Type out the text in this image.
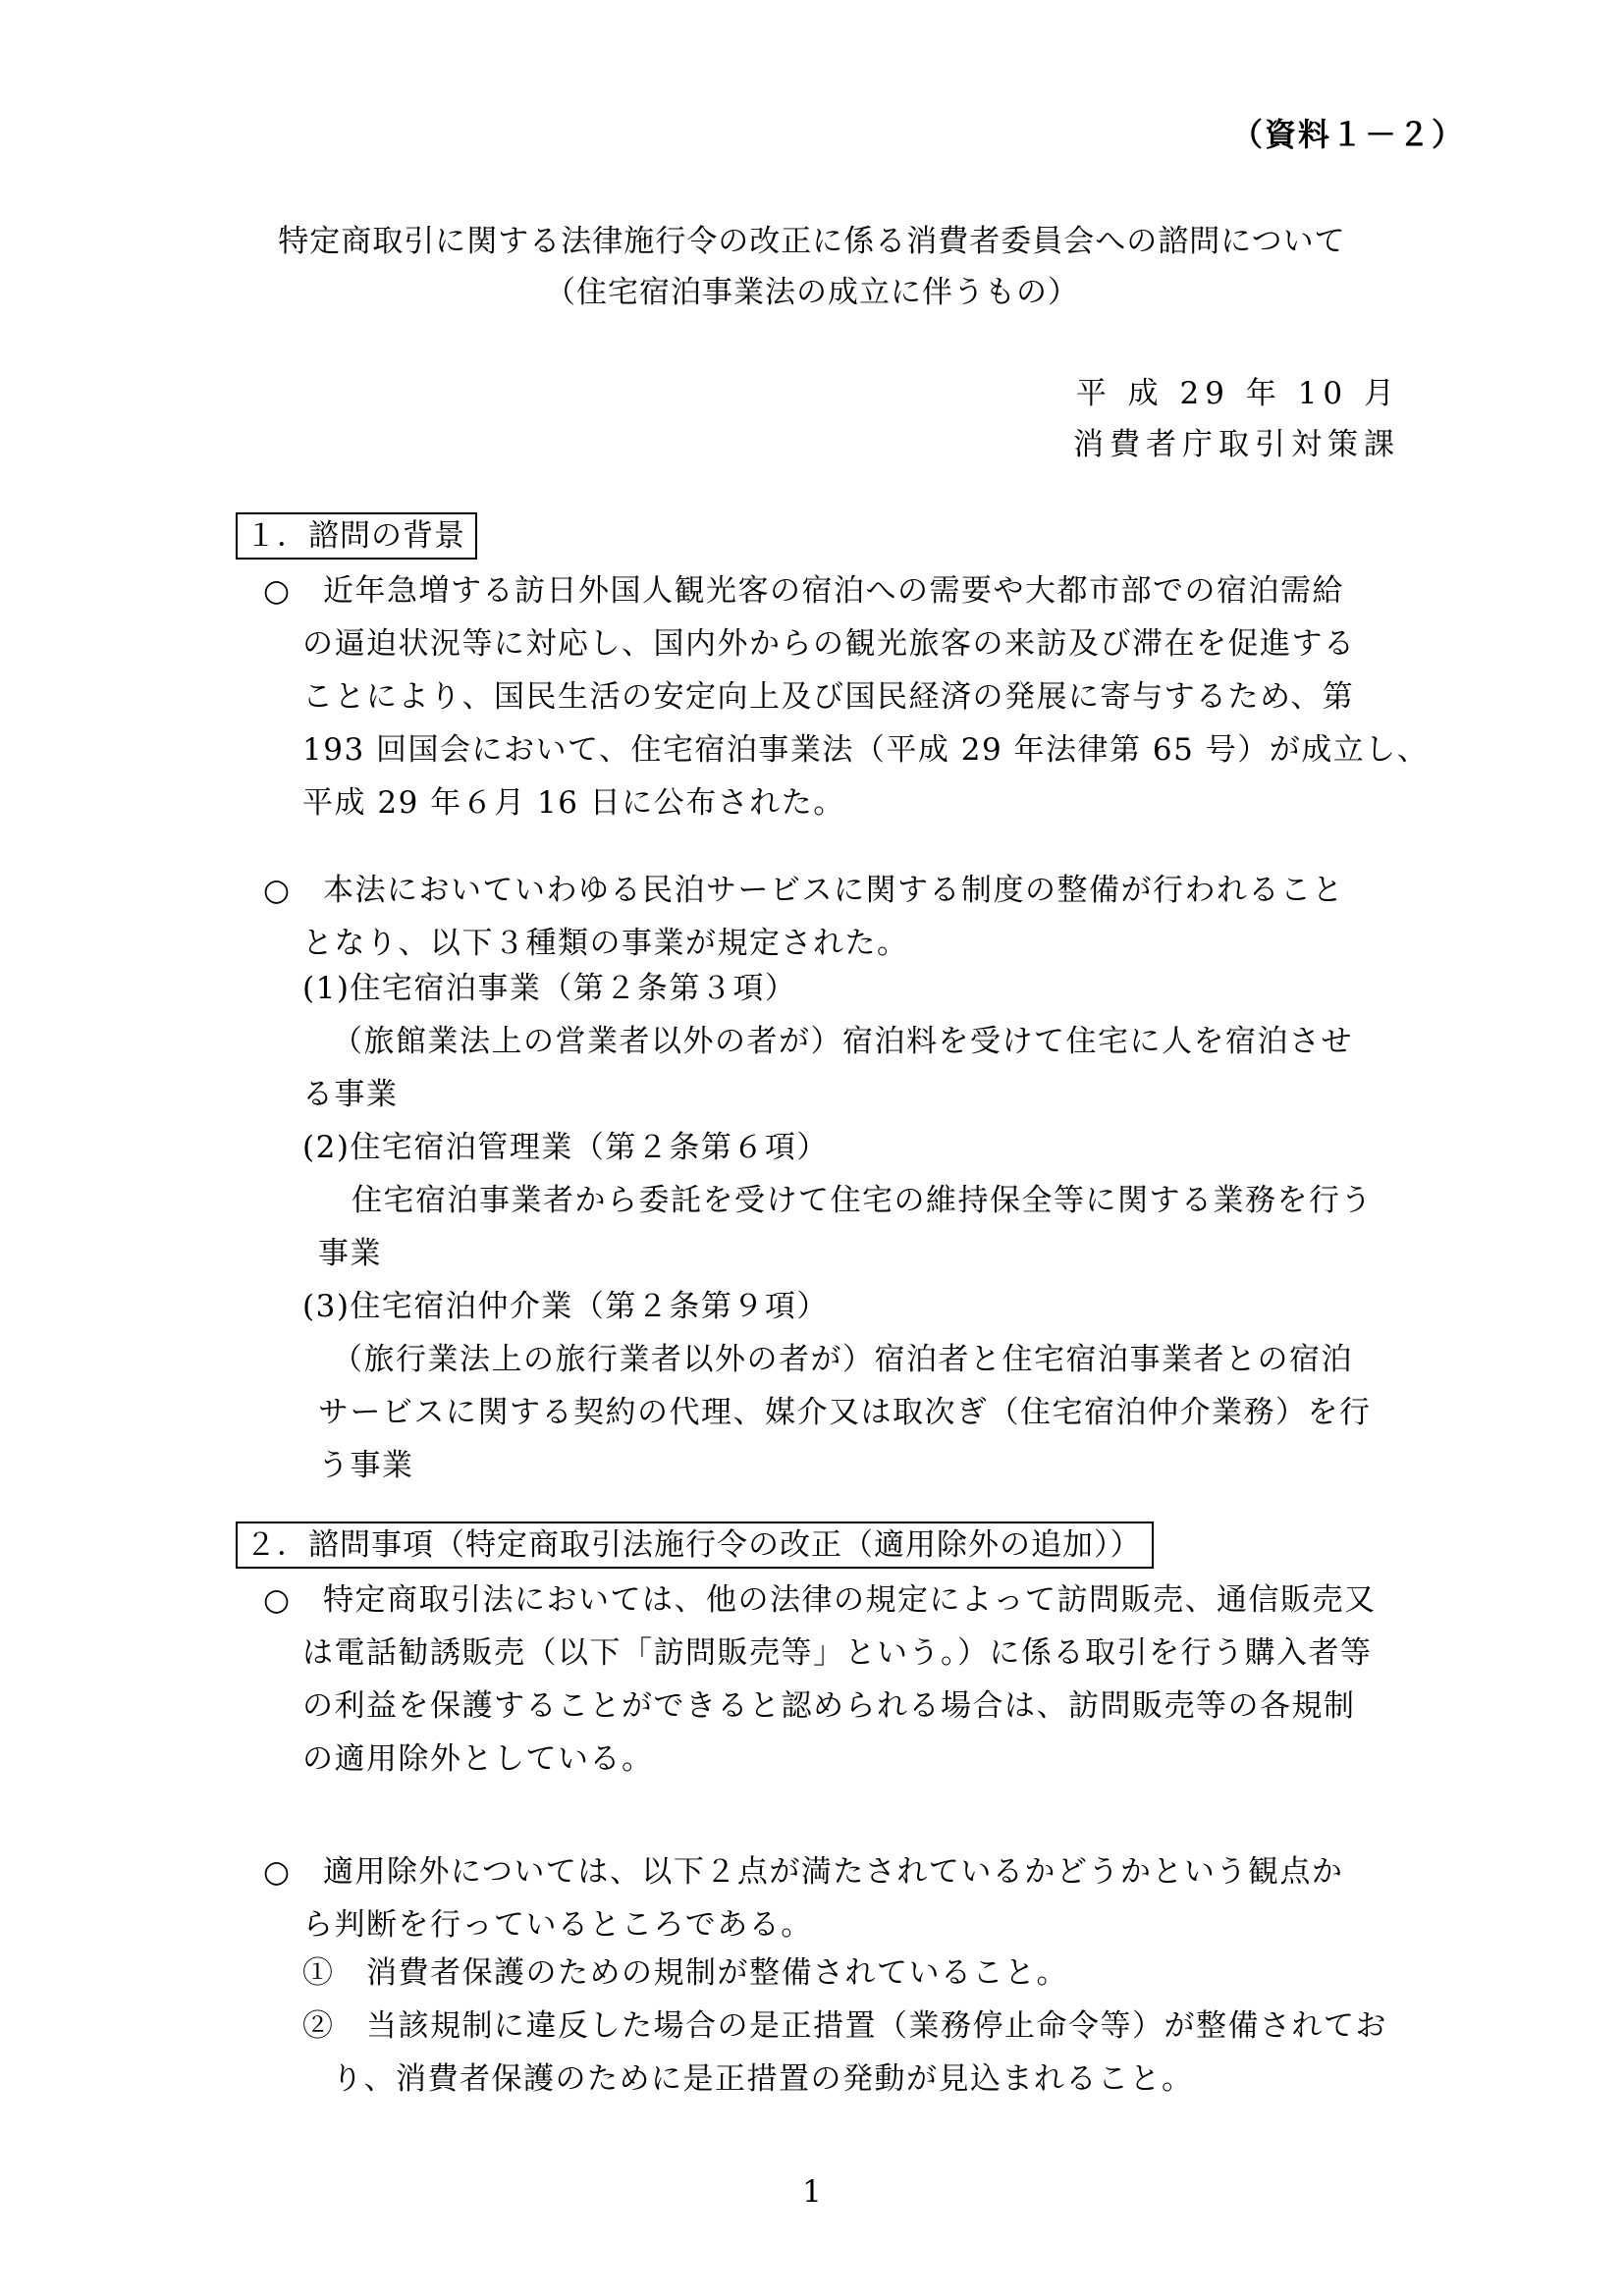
（資料１－２）
特定商取引に関する法律施行令の改正に係る消費者委員会への諮問について
（住宅宿泊事業法の成立に伴うもの）
平 成 29 年 10 月
消費者庁取引対策課
１．諮問の背景
○　近年急増する訪日外国人観光客の宿泊への需要や大都市部での宿泊需給
の逼迫状況等に対応し、国内外からの観光旅客の来訪及び滞在を促進する
ことにより、国民生活の安定向上及び国民経済の発展に寄与するため、第
193 回国会において、住宅宿泊事業法（平成 29 年法律第 65 号）が成立し、
平成 29 年６月 16 日に公布された。
○　本法においていわゆる民泊サービスに関する制度の整備が行われること
となり、以下３種類の事業が規定された。
(1)住宅宿泊事業（第２条第３項）
（旅館業法上の営業者以外の者が）宿泊料を受けて住宅に人を宿泊させ
る事業
(2)住宅宿泊管理業（第２条第６項）
住宅宿泊事業者から委託を受けて住宅の維持保全等に関する業務を行う
事業
(3)住宅宿泊仲介業（第２条第９項）
（旅行業法上の旅行業者以外の者が）宿泊者と住宅宿泊事業者との宿泊
サービスに関する契約の代理、媒介又は取次ぎ（住宅宿泊仲介業務）を行
う事業
２．諮問事項（特定商取引法施行令の改正（適用除外の追加））
○　特定商取引法においては、他の法律の規定によって訪問販売、通信販売又
は電話勧誘販売（以下「訪問販売等」という。）に係る取引を行う購入者等
の利益を保護することができると認められる場合は、訪問販売等の各規制
の適用除外としている。
○　適用除外については、以下２点が満たされているかどうかという観点か
ら判断を行っているところである。
①　消費者保護のための規制が整備されていること。
②　当該規制に違反した場合の是正措置（業務停止命令等）が整備されてお
り、消費者保護のために是正措置の発動が見込まれること。
1
